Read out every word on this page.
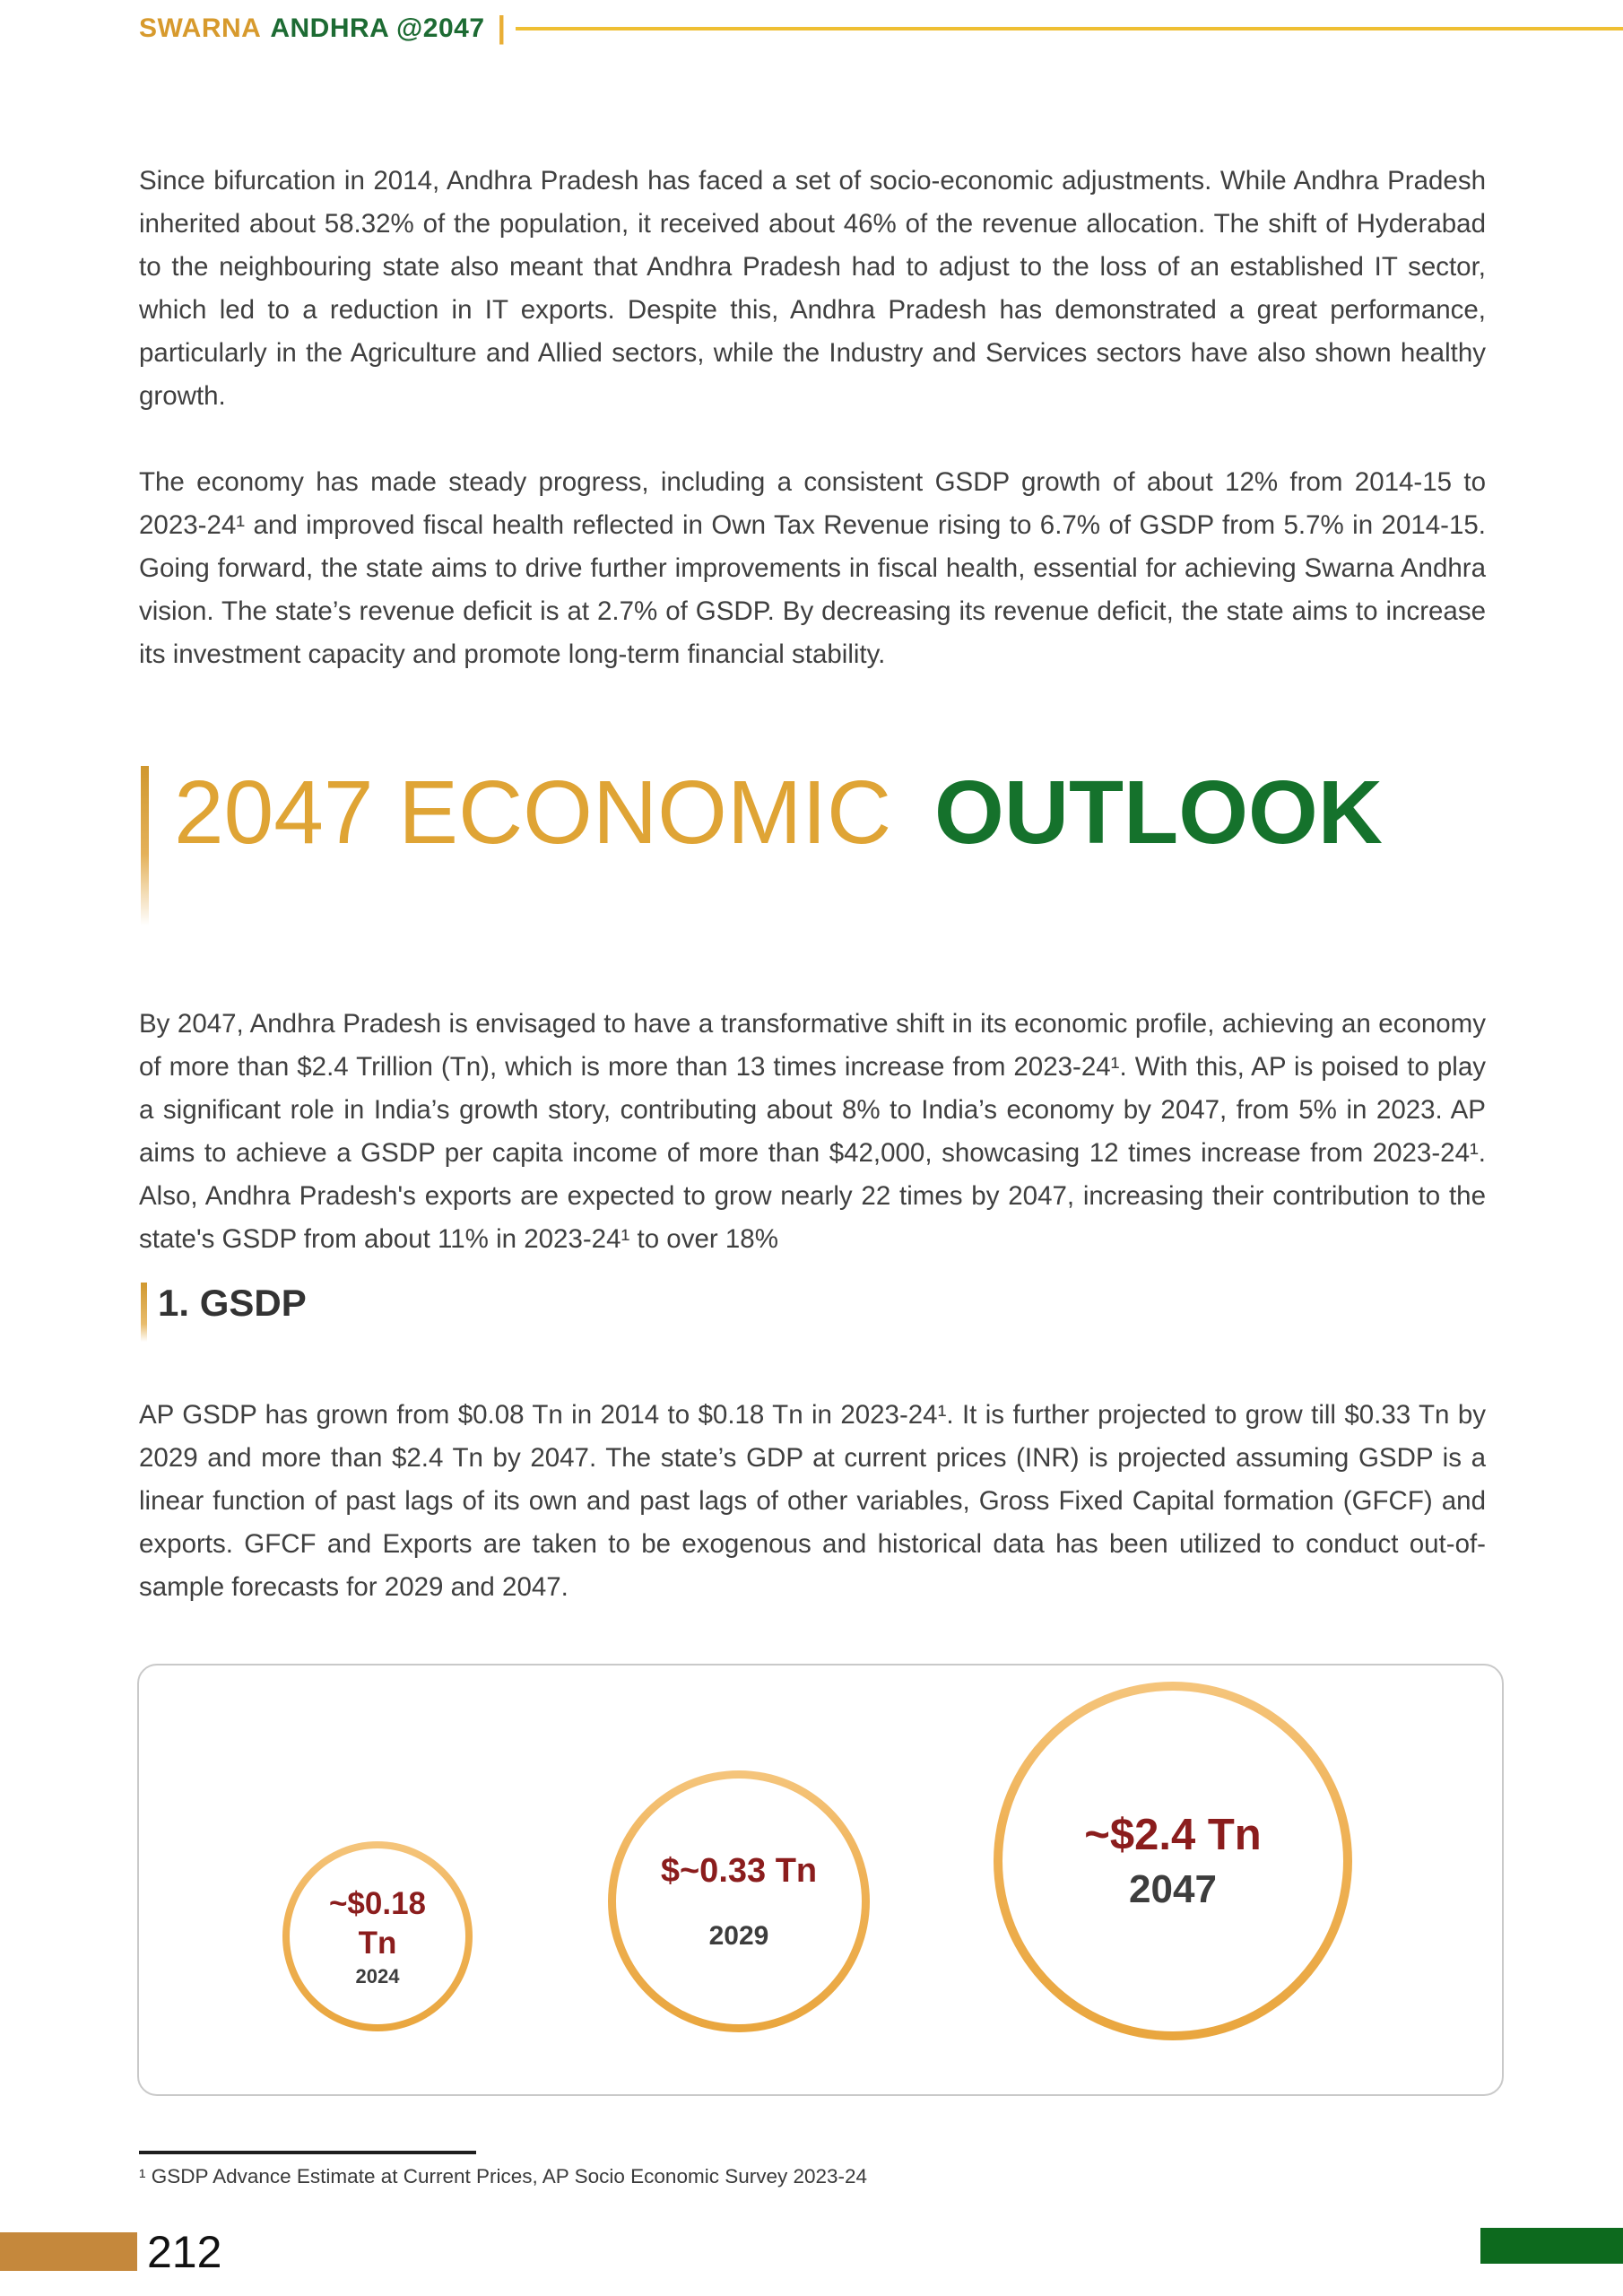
SWARNA ANDHRA @2047 |

Since bifurcation in 2014, Andhra Pradesh has faced a set of socio-economic adjustments. While Andhra Pradesh inherited about 58.32% of the population, it received about 46% of the revenue allocation. The shift of Hyderabad to the neighbouring state also meant that Andhra Pradesh had to adjust to the loss of an established IT sector, which led to a reduction in IT exports. Despite this, Andhra Pradesh has demonstrated a great performance, particularly in the Agriculture and Allied sectors, while the Industry and Services sectors have also shown healthy growth.

The economy has made steady progress, including a consistent GSDP growth of about 12% from 2014-15 to 2023-24¹ and improved fiscal health reflected in Own Tax Revenue rising to 6.7% of GSDP from 5.7% in 2014-15. Going forward, the state aims to drive further improvements in fiscal health, essential for achieving Swarna Andhra vision. The state’s revenue deficit is at 2.7% of GSDP. By decreasing its revenue deficit, the state aims to increase its investment capacity and promote long-term financial stability.

2047 ECONOMIC OUTLOOK

By 2047, Andhra Pradesh is envisaged to have a transformative shift in its economic profile, achieving an economy of more than $2.4 Trillion (Tn), which is more than 13 times increase from 2023-24¹. With this, AP is poised to play a significant role in India’s growth story, contributing about 8% to India’s economy by 2047, from 5% in 2023. AP aims to achieve a GSDP per capita income of more than $42,000, showcasing 12 times increase from 2023-24¹. Also, Andhra Pradesh's exports are expected to grow nearly 22 times by 2047, increasing their contribution to the state's GSDP from about 11% in 2023-24¹ to over 18%

1. GSDP

AP GSDP has grown from $0.08 Tn in 2014 to $0.18 Tn in 2023-24¹. It is further projected to grow till $0.33 Tn by 2029 and more than $2.4 Tn by 2047. The state’s GDP at current prices (INR) is projected assuming GSDP is a linear function of past lags of its own and past lags of other variables, Gross Fixed Capital formation (GFCF) and exports. GFCF and Exports are taken to be exogenous and historical data has been utilized to conduct out-of-sample forecasts for 2029 and 2047.

~$0.18 Tn
2024
$~0.33 Tn
2029
~$2.4 Tn
2047
¹ GSDP Advance Estimate at Current Prices, AP Socio Economic Survey 2023-24
212
